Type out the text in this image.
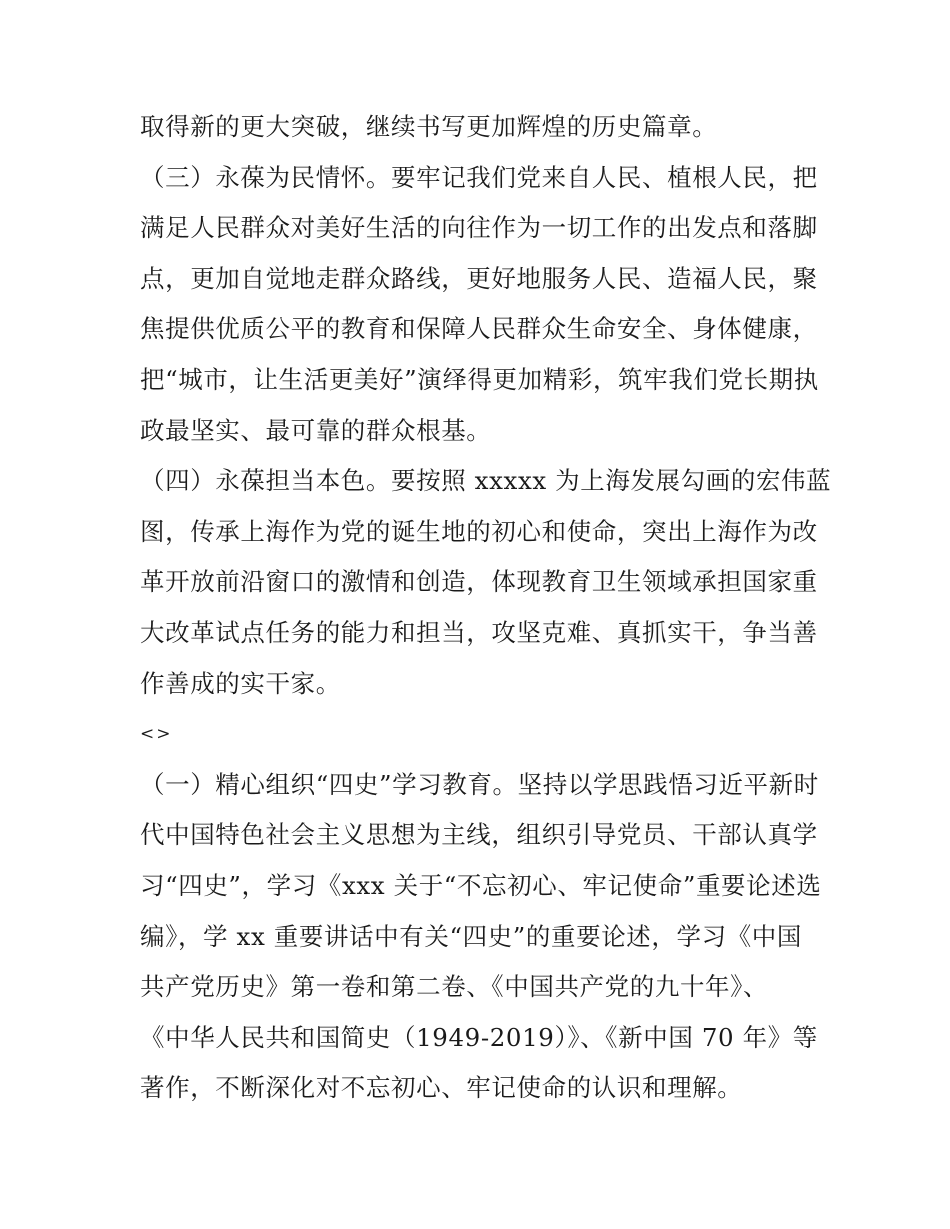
取得新的更大突破，继续书写更加辉煌的历史篇章。
（三）永葆为民情怀。要牢记我们党来自人民、植根人民，把
满足人民群众对美好生活的向往作为一切工作的出发点和落脚
点，更加自觉地走群众路线，更好地服务人民、造福人民，聚
焦提供优质公平的教育和保障人民群众生命安全、身体健康，
把“城市，让生活更美好”演绎得更加精彩，筑牢我们党长期执
政最坚实、最可靠的群众根基。
（四）永葆担当本色。要按照 xxxxx 为上海发展勾画的宏伟蓝
图，传承上海作为党的诞生地的初心和使命，突出上海作为改
革开放前沿窗口的激情和创造，体现教育卫生领域承担国家重
大改革试点任务的能力和担当，攻坚克难、真抓实干，争当善
作善成的实干家。
<>
（一）精心组织“四史”学习教育。坚持以学思践悟习近平新时
代中国特色社会主义思想为主线，组织引导党员、干部认真学
习“四史”，学习《xxx 关于“不忘初心、牢记使命”重要论述选
编》，学 xx 重要讲话中有关“四史”的重要论述，学习《中国
共产党历史》第一卷和第二卷、《中国共产党的九十年》、
《中华人民共和国简史（1949-2019）》、《新中国 70 年》等
著作，不断深化对不忘初心、牢记使命的认识和理解。
